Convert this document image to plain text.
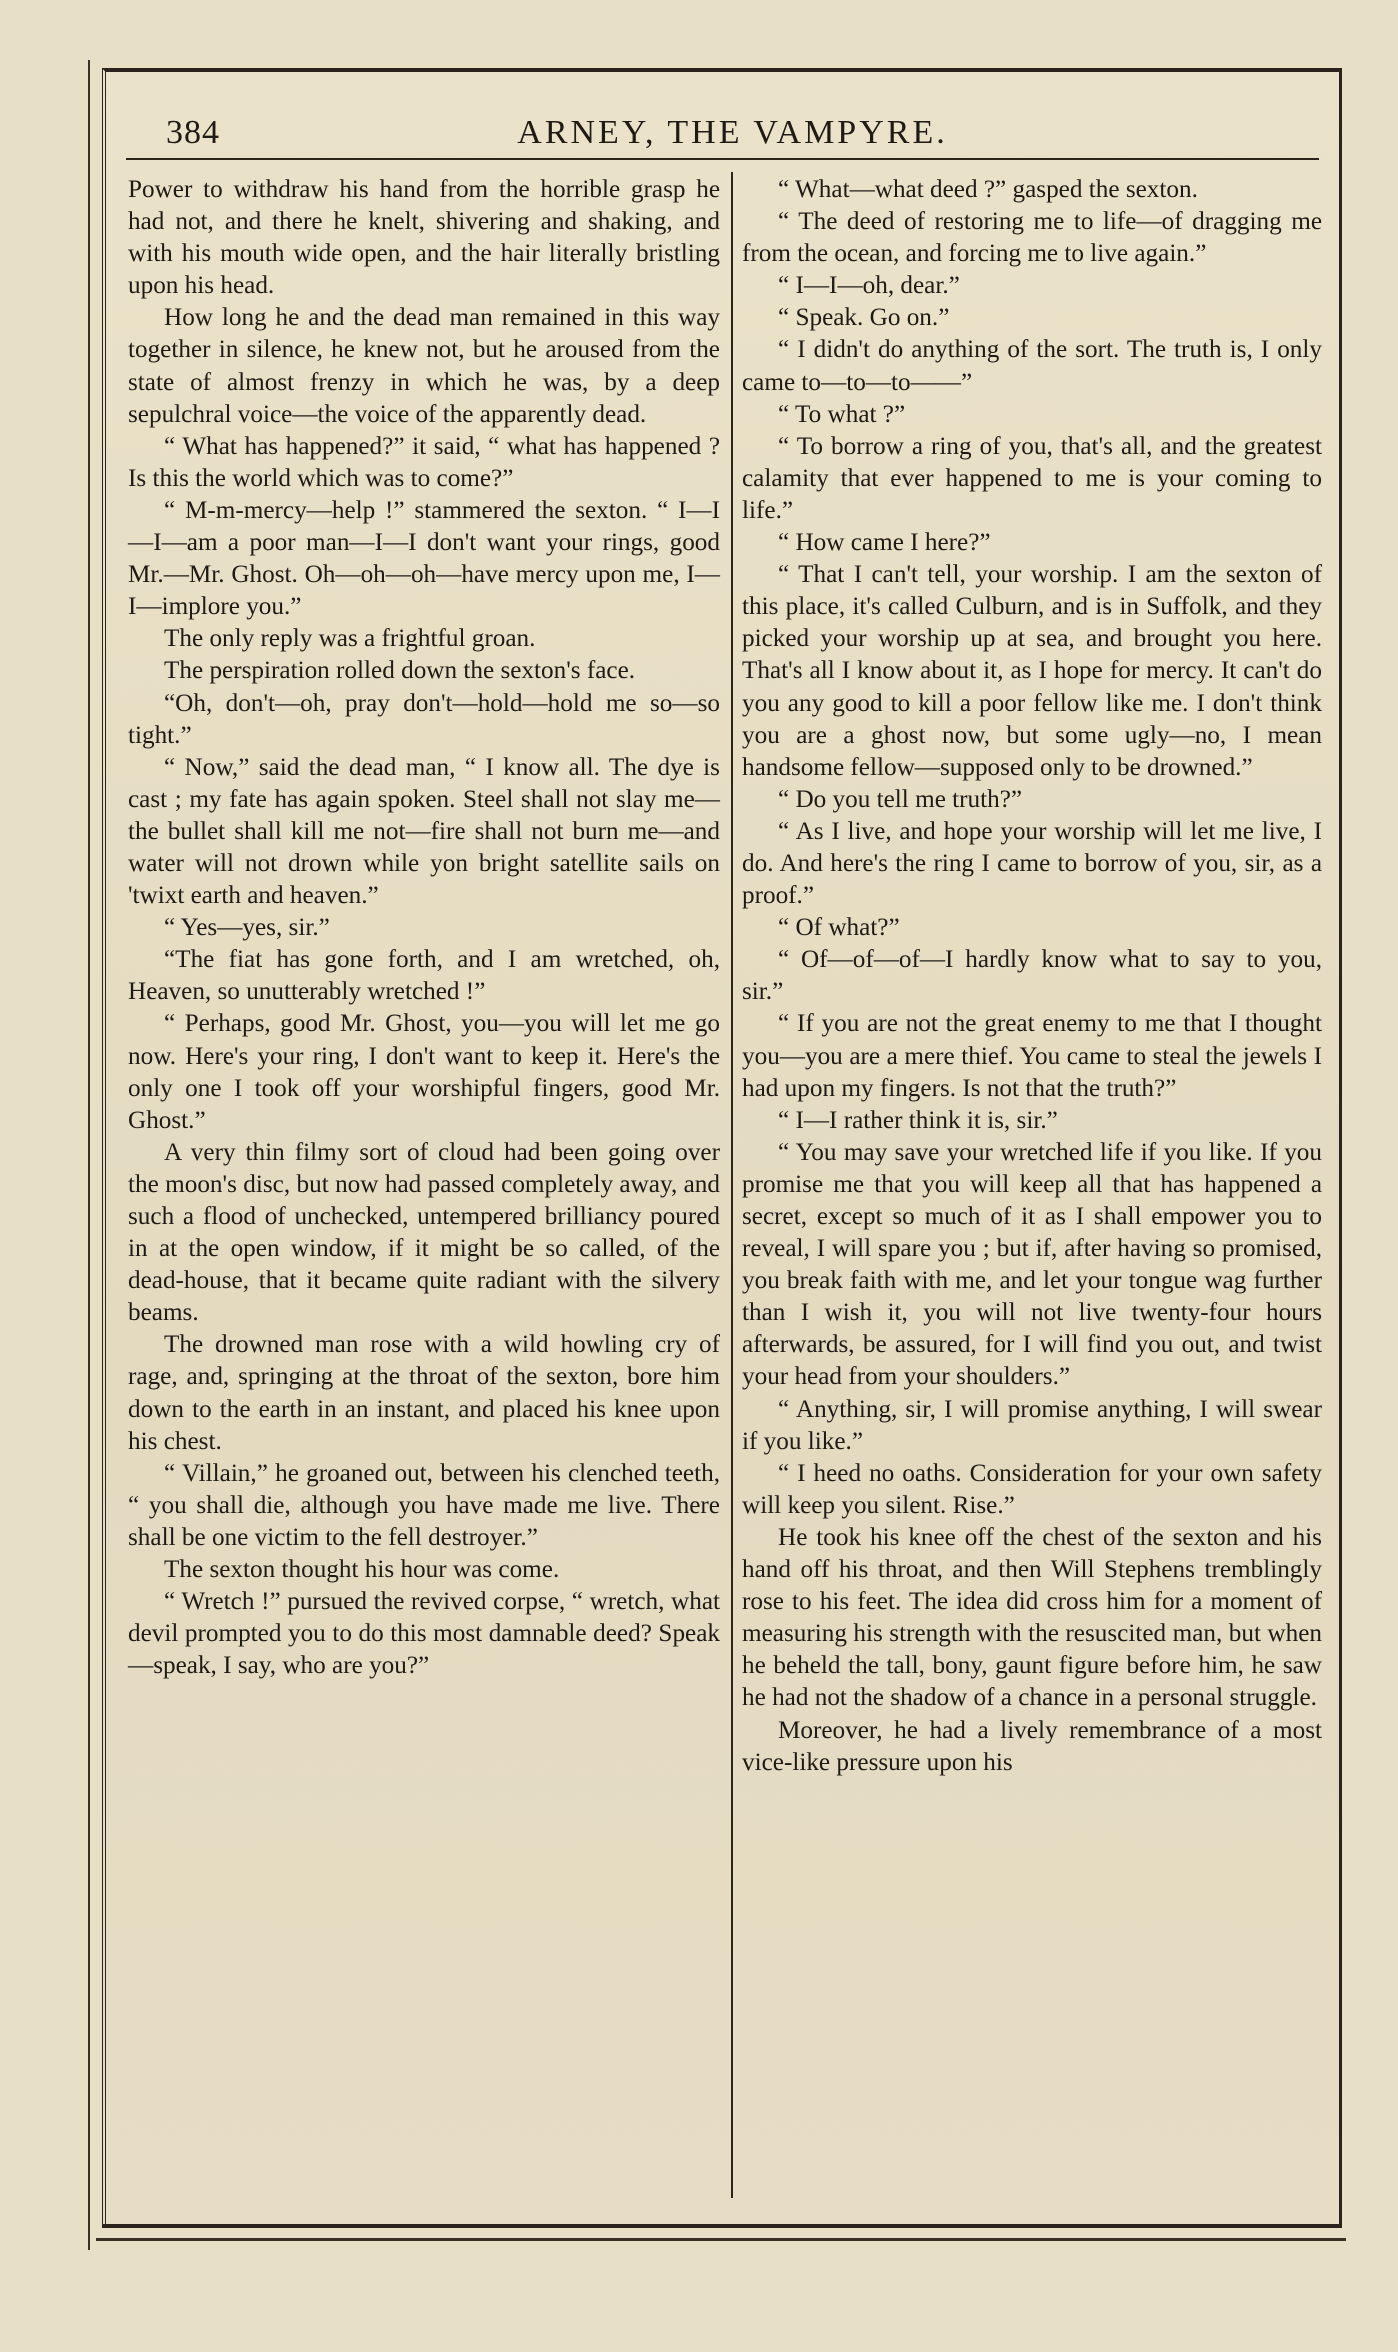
384	ARNEY, THE VAMPYRE.

Power to withdraw his hand from the horrible grasp he had not, and there he knelt, shivering and shaking, and with his mouth wide open, and the hair literally bristling upon his head.

How long he and the dead man remained in this way together in silence, he knew not, but he aroused from the state of almost frenzy in which he was, by a deep sepulchral voice—the voice of the apparently dead.

“ What has happened?” it said, “ what has happened ? Is this the world which was to come?”

“ M-m-mercy—help !” stammered the sexton. “ I—I—I—am a poor man—I—I don't want your rings, good Mr.—Mr. Ghost. Oh—oh—oh—have mercy upon me, I—I—implore you.”

The only reply was a frightful groan.

The perspiration rolled down the sexton's face.

“Oh, don't—oh, pray don't—hold—hold me so—so tight.”

“ Now,” said the dead man, “ I know all. The dye is cast ; my fate has again spoken. Steel shall not slay me—the bullet shall kill me not—fire shall not burn me—and water will not drown while yon bright satellite sails on 'twixt earth and heaven.”

“ Yes—yes, sir.”

“The fiat has gone forth, and I am wretched, oh, Heaven, so unutterably wretched !”

“ Perhaps, good Mr. Ghost, you—you will let me go now. Here's your ring, I don't want to keep it. Here's the only one I took off your worshipful fingers, good Mr. Ghost.”

A very thin filmy sort of cloud had been going over the moon's disc, but now had passed completely away, and such a flood of unchecked, untempered brilliancy poured in at the open window, if it might be so called, of the dead-house, that it became quite radiant with the silvery beams.

The drowned man rose with a wild howling cry of rage, and, springing at the throat of the sexton, bore him down to the earth in an instant, and placed his knee upon his chest.

“ Villain,” he groaned out, between his clenched teeth, “ you shall die, although you have made me live. There shall be one victim to the fell destroyer.”

The sexton thought his hour was come.

“ Wretch !” pursued the revived corpse, “ wretch, what devil prompted you to do this most damnable deed? Speak—speak, I say, who are you?”

“ What—what deed ?” gasped the sexton.

“ The deed of restoring me to life—of dragging me from the ocean, and forcing me to live again.”

“ I—I—oh, dear.”

“ Speak. Go on.”

“ I didn't do anything of the sort. The truth is, I only came to—to—to——”

“ To what ?”

“ To borrow a ring of you, that's all, and the greatest calamity that ever happened to me is your coming to life.”

“ How came I here?”

“ That I can't tell, your worship. I am the sexton of this place, it's called Culburn, and is in Suffolk, and they picked your worship up at sea, and brought you here. That's all I know about it, as I hope for mercy. It can't do you any good to kill a poor fellow like me. I don't think you are a ghost now, but some ugly—no, I mean handsome fellow—supposed only to be drowned.”

“ Do you tell me truth?”

“ As I live, and hope your worship will let me live, I do. And here's the ring I came to borrow of you, sir, as a proof.”

“ Of what?”

“ Of—of—of—I hardly know what to say to you, sir.”

“ If you are not the great enemy to me that I thought you—you are a mere thief. You came to steal the jewels I had upon my fingers. Is not that the truth?”

“ I—I rather think it is, sir.”

“ You may save your wretched life if you like. If you promise me that you will keep all that has happened a secret, except so much of it as I shall empower you to reveal, I will spare you ; but if, after having so promised, you break faith with me, and let your tongue wag further than I wish it, you will not live twenty-four hours afterwards, be assured, for I will find you out, and twist your head from your shoulders.”

“ Anything, sir, I will promise anything, I will swear if you like.”

“ I heed no oaths. Consideration for your own safety will keep you silent. Rise.”

He took his knee off the chest of the sexton and his hand off his throat, and then Will Stephens tremblingly rose to his feet. The idea did cross him for a moment of measuring his strength with the resuscited man, but when he beheld the tall, bony, gaunt figure before him, he saw he had not the shadow of a chance in a personal struggle.

Moreover, he had a lively remembrance of a most vice-like pressure upon his
